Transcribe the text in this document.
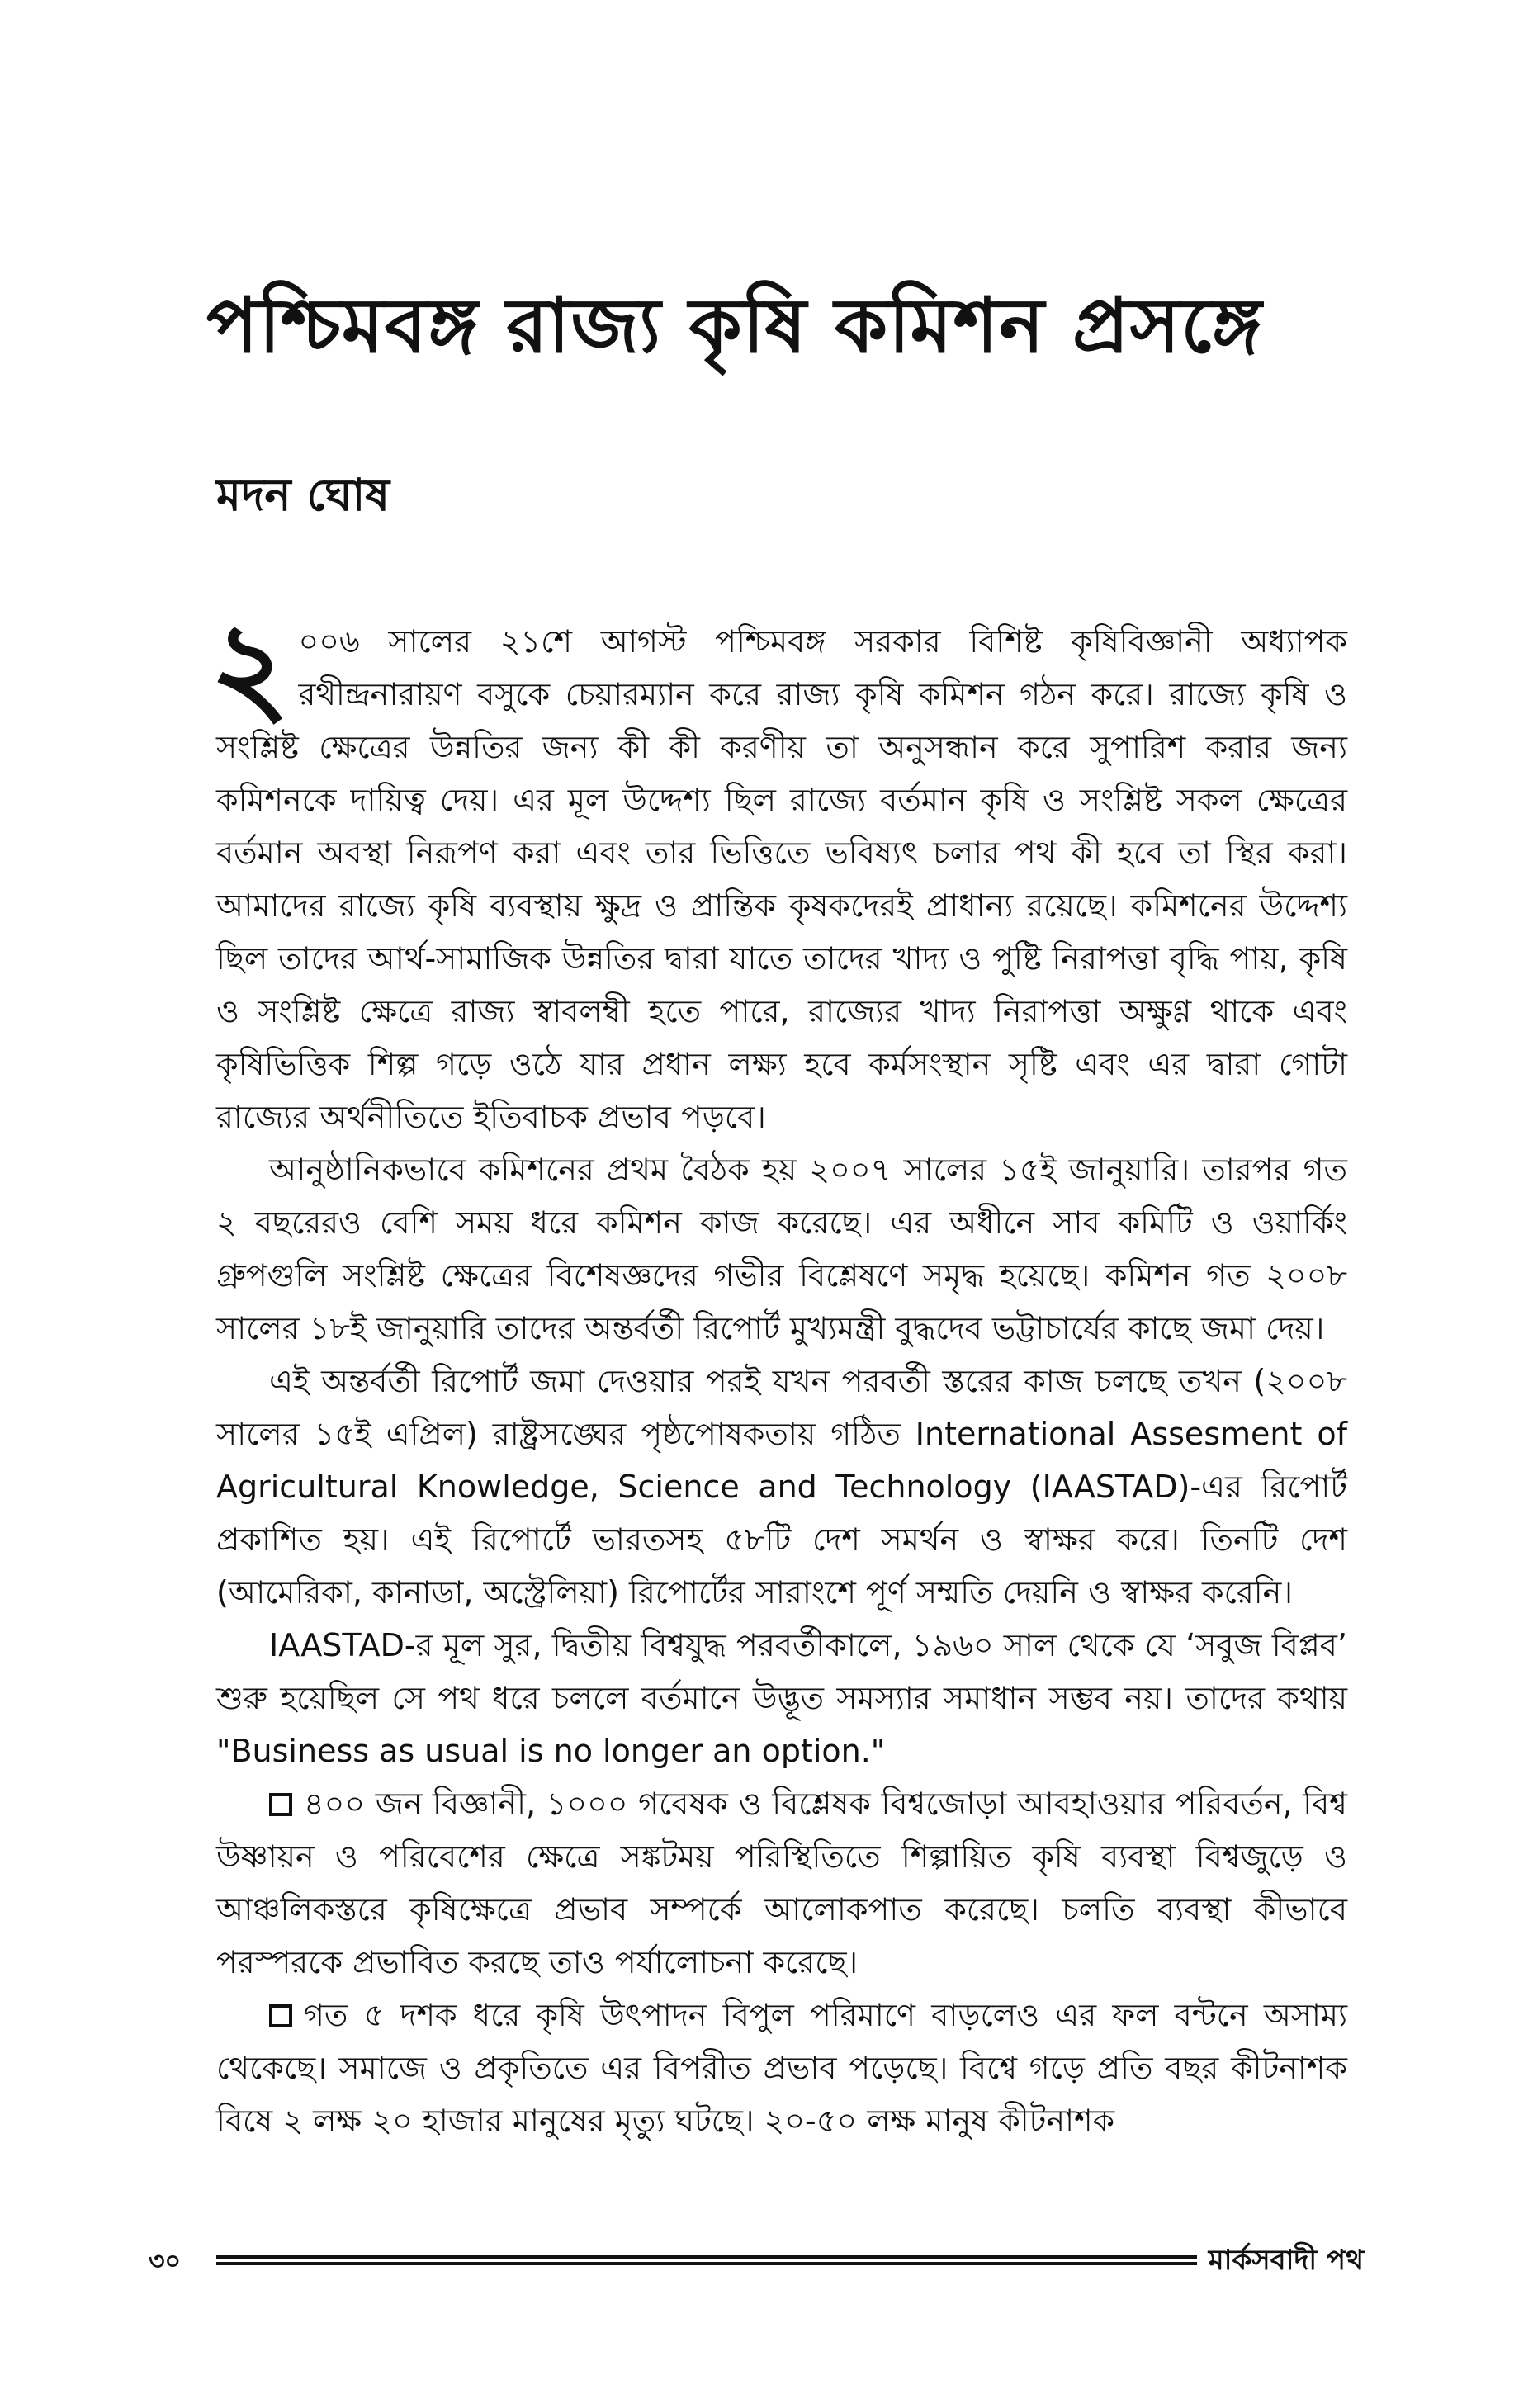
পশ্চিমবঙ্গ রাজ্য কৃষি কমিশন প্রসঙ্গে
মদন ঘোষ

২ ০০৬ সালের ২১শে আগস্ট পশ্চিমবঙ্গ সরকার বিশিষ্ট কৃষিবিজ্ঞানী অধ্যাপক রথীন্দ্রনারায়ণ বসুকে চেয়ারম্যান করে রাজ্য কৃষি কমিশন গঠন করে। রাজ্যে কৃষি ও সংশ্লিষ্ট ক্ষেত্রের উন্নতির জন্য কী কী করণীয় তা অনুসন্ধান করে সুপারিশ করার জন্য কমিশনকে দায়িত্ব দেয়। এর মূল উদ্দেশ্য ছিল রাজ্যে বর্তমান কৃষি ও সংশ্লিষ্ট সকল ক্ষেত্রের বর্তমান অবস্থা নিরূপণ করা এবং তার ভিত্তিতে ভবিষ্যৎ চলার পথ কী হবে তা স্থির করা। আমাদের রাজ্যে কৃষি ব্যবস্থায় ক্ষুদ্র ও প্রান্তিক কৃষকদেরই প্রাধান্য রয়েছে। কমিশনের উদ্দেশ্য ছিল তাদের আর্থ-সামাজিক উন্নতির দ্বারা যাতে তাদের খাদ্য ও পুষ্টি নিরাপত্তা বৃদ্ধি পায়, কৃষি ও সংশ্লিষ্ট ক্ষেত্রে রাজ্য স্বাবলম্বী হতে পারে, রাজ্যের খাদ্য নিরাপত্তা অক্ষুণ্ণ থাকে এবং কৃষিভিত্তিক শিল্প গড়ে ওঠে যার প্রধান লক্ষ্য হবে কর্মসংস্থান সৃষ্টি এবং এর দ্বারা গোটা রাজ্যের অর্থনীতিতে ইতিবাচক প্রভাব পড়বে।

আনুষ্ঠানিকভাবে কমিশনের প্রথম বৈঠক হয় ২০০৭ সালের ১৫ই জানুয়ারি। তারপর গত ২ বছরেরও বেশি সময় ধরে কমিশন কাজ করেছে। এর অধীনে সাব কমিটি ও ওয়ার্কিং গ্রুপগুলি সংশ্লিষ্ট ক্ষেত্রের বিশেষজ্ঞদের গভীর বিশ্লেষণে সমৃদ্ধ হয়েছে। কমিশন গত ২০০৮ সালের ১৮ই জানুয়ারি তাদের অন্তর্বর্তী রিপোর্ট মুখ্যমন্ত্রী বুদ্ধদেব ভট্টাচার্যের কাছে জমা দেয়।

এই অন্তর্বর্তী রিপোর্ট জমা দেওয়ার পরই যখন পরবর্তী স্তরের কাজ চলছে তখন (২০০৮ সালের ১৫ই এপ্রিল) রাষ্ট্রসঙ্ঘের পৃষ্ঠপোষকতায় গঠিত International Assesment of Agricultural Knowledge, Science and Technology (IAASTAD)-এর রিপোর্ট প্রকাশিত হয়। এই রিপোর্টে ভারতসহ ৫৮টি দেশ সমর্থন ও স্বাক্ষর করে। তিনটি দেশ (আমেরিকা, কানাডা, অস্ট্রেলিয়া) রিপোর্টের সারাংশে পূর্ণ সম্মতি দেয়নি ও স্বাক্ষর করেনি।

IAASTAD-র মূল সুর, দ্বিতীয় বিশ্বযুদ্ধ পরবর্তীকালে, ১৯৬০ সাল থেকে যে ‘সবুজ বিপ্লব’ শুরু হয়েছিল সে পথ ধরে চললে বর্তমানে উদ্ভূত সমস্যার সমাধান সম্ভব নয়। তাদের কথায় "Business as usual is no longer an option."

৪০০ জন বিজ্ঞানী, ১০০০ গবেষক ও বিশ্লেষক বিশ্বজোড়া আবহাওয়ার পরিবর্তন, বিশ্ব উষ্ণায়ন ও পরিবেশের ক্ষেত্রে সঙ্কটময় পরিস্থিতিতে শিল্পায়িত কৃষি ব্যবস্থা বিশ্বজুড়ে ও আঞ্চলিকস্তরে কৃষিক্ষেত্রে প্রভাব সম্পর্কে আলোকপাত করেছে। চলতি ব্যবস্থা কীভাবে পরস্পরকে প্রভাবিত করছে তাও পর্যালোচনা করেছে।

গত ৫ দশক ধরে কৃষি উৎপাদন বিপুল পরিমাণে বাড়লেও এর ফল বন্টনে অসাম্য থেকেছে। সমাজে ও প্রকৃতিতে এর বিপরীত প্রভাব পড়েছে। বিশ্বে গড়ে প্রতি বছর কীটনাশক বিষে ২ লক্ষ ২০ হাজার মানুষের মৃত্যু ঘটছে। ২০-৫০ লক্ষ মানুষ কীটনাশক

৩০	মার্কসবাদী পথ
